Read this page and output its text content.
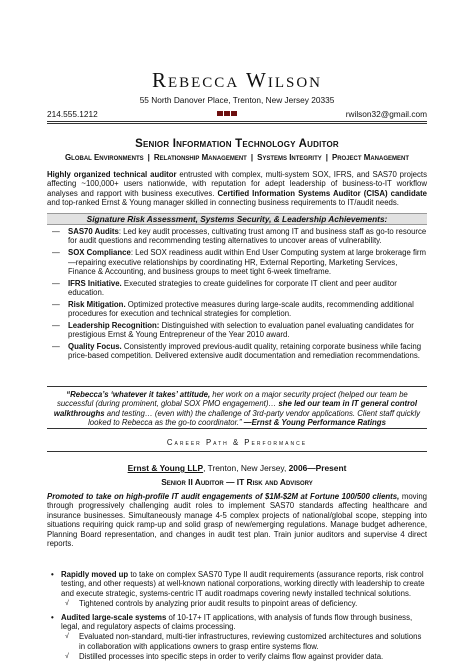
Rebecca Wilson
55 North Danover Place, Trenton, New Jersey 20335
214.555.1212	rwilson32@gmail.com
Senior Information Technology Auditor
Global Environments | Relationship Management | Systems Integrity | Project Management
Highly organized technical auditor entrusted with complex, multi-system SOX, IFRS, and SAS70 projects affecting ~100,000+ users nationwide, with reputation for adept leadership of business-to-IT workflow analyses and rapport with business executives. Certified Information Systems Auditor (CISA) candidate and top-ranked Ernst & Young manager skilled in connecting business requirements to IT/audit needs.
Signature Risk Assessment, Systems Security, & Leadership Achievements:
— SAS70 Audits: Led key audit processes, cultivating trust among IT and business staff as go-to resource for audit questions and recommending testing alternatives to uncover areas of vulnerability.
— SOX Compliance: Led SOX readiness audit within End User Computing system at large brokerage firm—repairing executive relationships by coordinating HR, External Reporting, Marketing Services, Finance & Accounting, and business groups to meet tight 6-week timeframe.
— IFRS Initiative. Executed strategies to create guidelines for corporate IT client and peer auditor education.
— Risk Mitigation. Optimized protective measures during large-scale audits, recommending additional procedures for execution and technical strategies for completion.
— Leadership Recognition: Distinguished with selection to evaluation panel evaluating candidates for prestigious Ernst & Young Entrepreneur of the Year 2010 award.
— Quality Focus. Consistently improved previous-audit quality, retaining corporate business while facing price-based competition. Delivered extensive audit documentation and remediation recommendations.
“Rebecca’s ‘whatever it takes’ attitude, her work on a major security project (helped our team be successful (during prominent, global SOX PMO engagement)… she led our team in IT general control walkthroughs and testing… (even with) the challenge of 3rd-party vendor applications. Client staff quickly looked to Rebecca as the go-to coordinator.” —Ernst & Young Performance Ratings
Career Path & Performance
Ernst & Young LLP, Trenton, New Jersey, 2006—Present
Senior II Auditor — IT Risk and Advisory
Promoted to take on high-profile IT audit engagements of $1M-$2M at Fortune 100/500 clients, moving through progressively challenging audit roles to implement SAS70 standards affecting healthcare and insurance businesses. Simultaneously manage 4-5 complex projects of national/global scope, stepping into situations requiring quick ramp-up and solid grasp of new/emerging regulations. Manage budget adherence, Planning Board representation, and changes in audit test plan. Train junior auditors and supervise 4 direct reports.
• Rapidly moved up to take on complex SAS70 Type II audit requirements (assurance reports, risk control testing, and other requests) at well-known national corporations, working directly with leadership to create and execute strategic, systems-centric IT audit roadmaps covering newly installed technical solutions.
√ Tightened controls by analyzing prior audit results to pinpoint areas of deficiency.
• Audited large-scale systems of 10-17+ IT applications, with analysis of funds flow through business, legal, and regulatory aspects of claims processing.
√ Evaluated non-standard, multi-tier infrastructures, reviewing customized architectures and solutions in collaboration with applications owners to grasp entire systems flow.
√ Distilled processes into specific steps in order to verify claims flow against provider data.
